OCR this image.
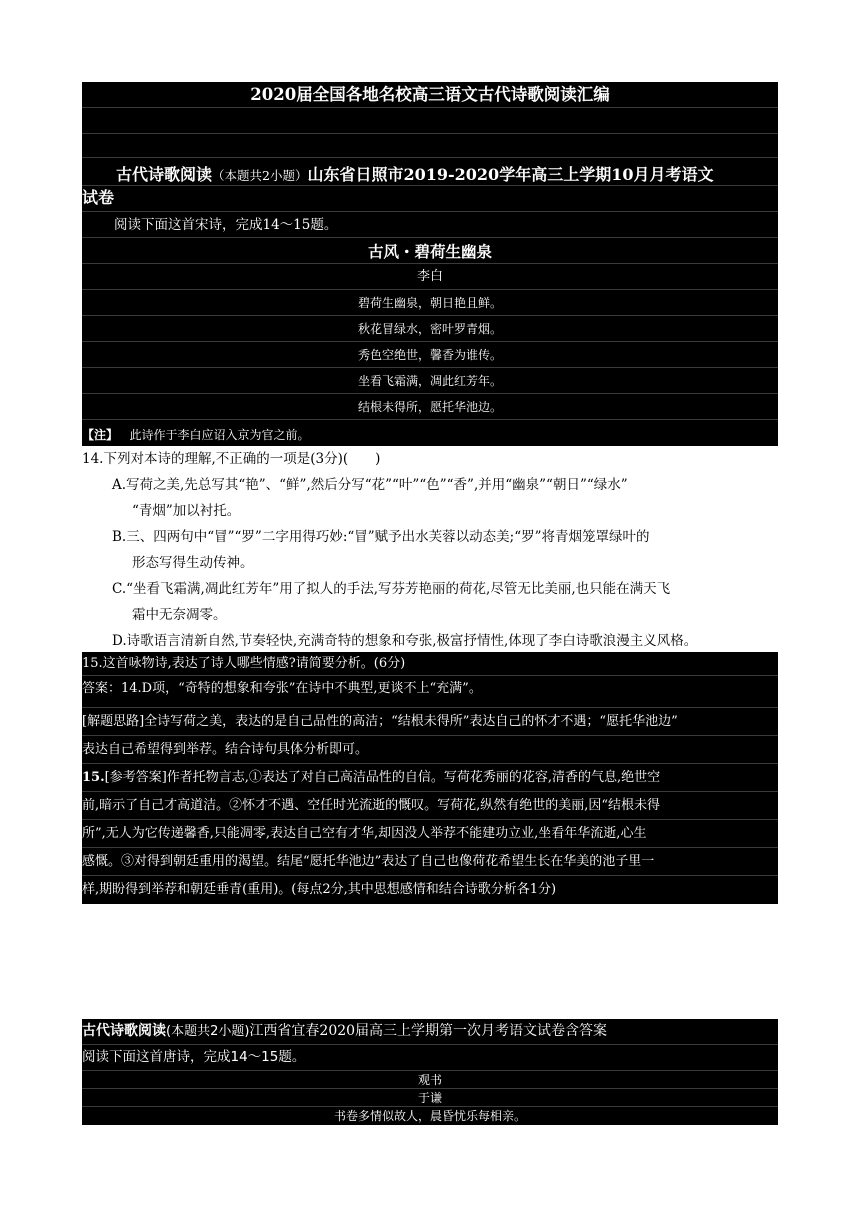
2020届全国各地名校高三语文古代诗歌阅读汇编
古代诗歌阅读（本题共2小题）山东省日照市2019-2020学年高三上学期10月月考语文
试卷
阅读下面这首宋诗，完成14～15题。
古风・碧荷生幽泉
李白
碧荷生幽泉，朝日艳且鲜。
秋花冒绿水，密叶罗青烟。
秀色空绝世，馨香为谁传。
坐看飞霜满，凋此红芳年。
结根未得所，愿托华池边。
【注】 此诗作于李白应诏入京为官之前。

14.下列对本诗的理解,不正确的一项是(3分)(　　)

A.写荷之美,先总写其“艳”、“鲜”,然后分写“花”“叶”“色”“香”,并用“幽泉”“朝日”“绿水”
“青烟”加以衬托。

B.三、四两句中“冒”“罗”二字用得巧妙:“冒”赋予出水芙蓉以动态美;“罗”将青烟笼罩绿叶的
形态写得生动传神。

C.“坐看飞霜满,凋此红芳年”用了拟人的手法,写芬芳艳丽的荷花,尽管无比美丽,也只能在满天飞
霜中无奈凋零。

D.诗歌语言清新自然,节奏轻快,充满奇特的想象和夸张,极富抒情性,体现了李白诗歌浪漫主义风格。

15.这首咏物诗,表达了诗人哪些情感?请简要分析。(6分)
答案：14.D项，“奇特的想象和夸张”在诗中不典型,更谈不上“充满”。
[解题思路]全诗写荷之美，表达的是自己品性的高洁；“结根未得所”表达自己的怀才不遇；“愿托华池边”
表达自己希望得到举荐。结合诗句具体分析即可。
15.[参考答案]作者托物言志,①表达了对自己高洁品性的自信。写荷花秀丽的花容,清香的气息,绝世空
前,暗示了自己才高道洁。②怀才不遇、空任时光流逝的慨叹。写荷花,纵然有绝世的美丽,因“结根未得
所”,无人为它传递馨香,只能凋零,表达自己空有才华,却因没人举荐不能建功立业,坐看年华流逝,心生
感慨。③对得到朝廷重用的渴望。结尾“愿托华池边”表达了自己也像荷花希望生长在华美的池子里一
样,期盼得到举荐和朝廷垂青(重用)。(每点2分,其中思想感情和结合诗歌分析各1分)
古代诗歌阅读(本题共2小题)江西省宜春2020届高三上学期第一次月考语文试卷含答案
阅读下面这首唐诗，完成14～15题。
观书
于谦
书卷多情似故人，晨昏忧乐每相亲。
